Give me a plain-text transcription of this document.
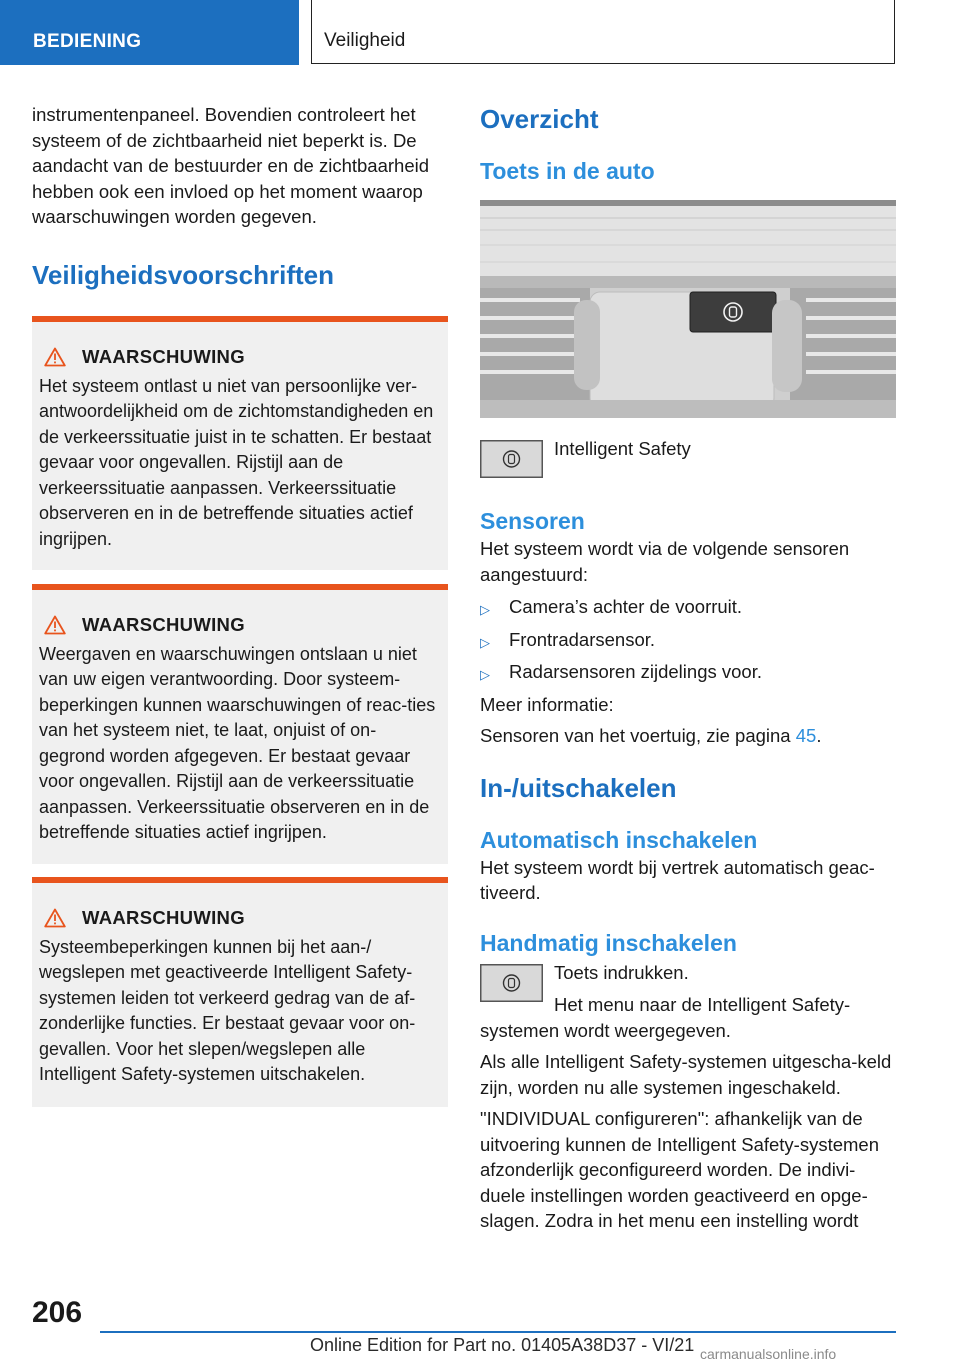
BEDIENING	Veiligheid

instrumentenpaneel. Bovendien controleert het systeem of de zichtbaarheid niet beperkt is. De aandacht van de bestuurder en de zichtbaarheid hebben ook een invloed op het moment waarop waarschuwingen worden gegeven.

Veiligheidsvoorschriften
WAARSCHUWING

Het systeem ontlast u niet van persoonlijke ver-antwoordelijkheid om de zichtomstandigheden en de verkeerssituatie juist in te schatten. Er bestaat gevaar voor ongevallen. Rijstijl aan de verkeerssituatie aanpassen. Verkeerssituatie observeren en in de betreffende situaties actief ingrijpen.

WAARSCHUWING

Weergaven en waarschuwingen ontslaan u niet van uw eigen verantwoording. Door systeem-beperkingen kunnen waarschuwingen of reac-ties van het systeem niet, te laat, onjuist of on-gegrond worden afgegeven. Er bestaat gevaar voor ongevallen. Rijstijl aan de verkeerssituatie aanpassen. Verkeerssituatie observeren en in de betreffende situaties actief ingrijpen.

WAARSCHUWING

Systeembeperkingen kunnen bij het aan-/ wegslepen met geactiveerde Intelligent Safety-systemen leiden tot verkeerd gedrag van de af-zonderlijke functies. Er bestaat gevaar voor on-gevallen. Voor het slepen/wegslepen alle Intelligent Safety-systemen uitschakelen.

Overzicht
Toets in de auto
Intelligent Safety
Sensoren

Het systeem wordt via de volgende sensoren aangestuurd:

▷	Camera’s achter de voorruit.
▷	Frontradarsensor.
▷	Radarsensoren zijdelings voor.

Meer informatie:

Sensoren van het voertuig, zie pagina 45.

In-/uitschakelen
Automatisch inschakelen

Het systeem wordt bij vertrek automatisch geac-tiveerd.

Handmatig inschakelen

Toets indrukken.

Het menu naar de Intelligent Safety-

systemen wordt weergegeven.

Als alle Intelligent Safety-systemen uitgescha-keld zijn, worden nu alle systemen ingeschakeld.

"INDIVIDUAL configureren": afhankelijk van de uitvoering kunnen de Intelligent Safety-systemen afzonderlijk geconfigureerd worden. De indivi-duele instellingen worden geactiveerd en opge-slagen. Zodra in het menu een instelling wordt

206
Online Edition for Part no. 01405A38D37 - VI/21 carmanualsonline.info
